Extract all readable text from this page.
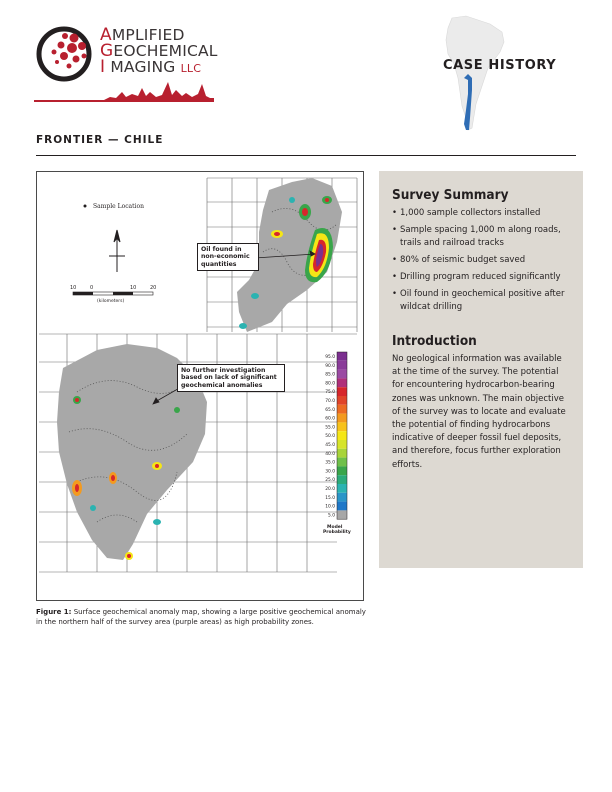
AMPLIFIED
GEOCHEMICAL
I MAGING LLC	CASE HISTORY
FRONTIER — CHILE
Sample Location
10	0	10	20
(kilometers)
95.0
90.0
85.0
80.0
75.0
70.0
65.0
60.0
55.0
50.0
45.0
40.0
35.0
30.0
25.0
20.0
15.0
10.0
5.0
Model
Probability
Oil found in non-economic quantities
No further investigation based on lack of significant geochemical anomalies
Figure 1: Surface geochemical anomaly map, showing a large positive geochemical anomaly in the northern half of the survey area (purple areas) as high probability zones.
Survey Summary
• 1,000 sample collectors installed
• Sample spacing 1,000 m along roads, trails and railroad tracks
• 80% of seismic budget saved
• Drilling program reduced significantly
• Oil found in geochemical positive after wildcat drilling
Introduction
No geological information was available at the time of the survey. The potential for encountering hydrocarbon-bearing zones was unknown. The main objective of the survey was to locate and evaluate the potential of finding hydrocarbons indicative of deeper fossil fuel deposits, and therefore, focus further exploration efforts.
